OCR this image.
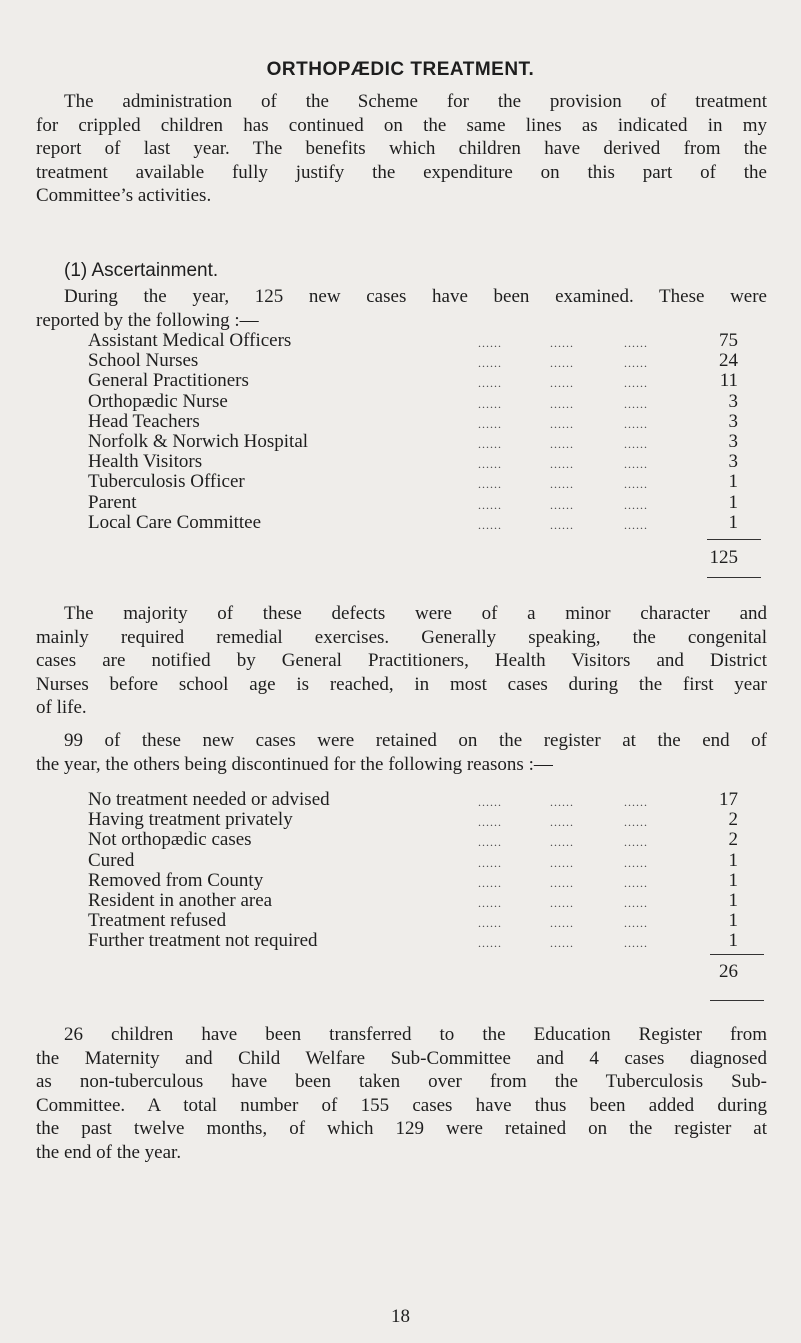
ORTHOPÆDIC TREATMENT.
The administration of the Scheme for the provision of treatment
for crippled children has continued on the same lines as indicated in my
report of last year. The benefits which children have derived from the
treatment available fully justify the expenditure on this part of the
Committee’s activities.
(1) Ascertainment.
During the year, 125 new cases have been examined. These were
reported by the following :—
Assistant Medical Officers	......	......	......	75
School Nurses	......	......	......	24
General Practitioners	......	......	......	11
Orthopædic Nurse	......	......	......	3
Head Teachers	......	......	......	3
Norfolk & Norwich Hospital	......	......	......	3
Health Visitors	......	......	......	3
Tuberculosis Officer	......	......	......	1
Parent	......	......	......	1
Local Care Committee	......	......	......	1
125
The majority of these defects were of a minor character and
mainly required remedial exercises. Generally speaking, the congenital
cases are notified by General Practitioners, Health Visitors and District
Nurses before school age is reached, in most cases during the first year
of life.
99 of these new cases were retained on the register at the end of
the year, the others being discontinued for the following reasons :—
No treatment needed or advised	......	......	......	17
Having treatment privately	......	......	......	2
Not orthopædic cases	......	......	......	2
Cured	......	......	......	1
Removed from County	......	......	......	1
Resident in another area	......	......	......	1
Treatment refused	......	......	......	1
Further treatment not required	......	......	......	1
26
26 children have been transferred to the Education Register from
the Maternity and Child Welfare Sub-Committee and 4 cases diagnosed
as non-tuberculous have been taken over from the Tuberculosis Sub-
Committee. A total number of 155 cases have thus been added during
the past twelve months, of which 129 were retained on the register at
the end of the year.
18
